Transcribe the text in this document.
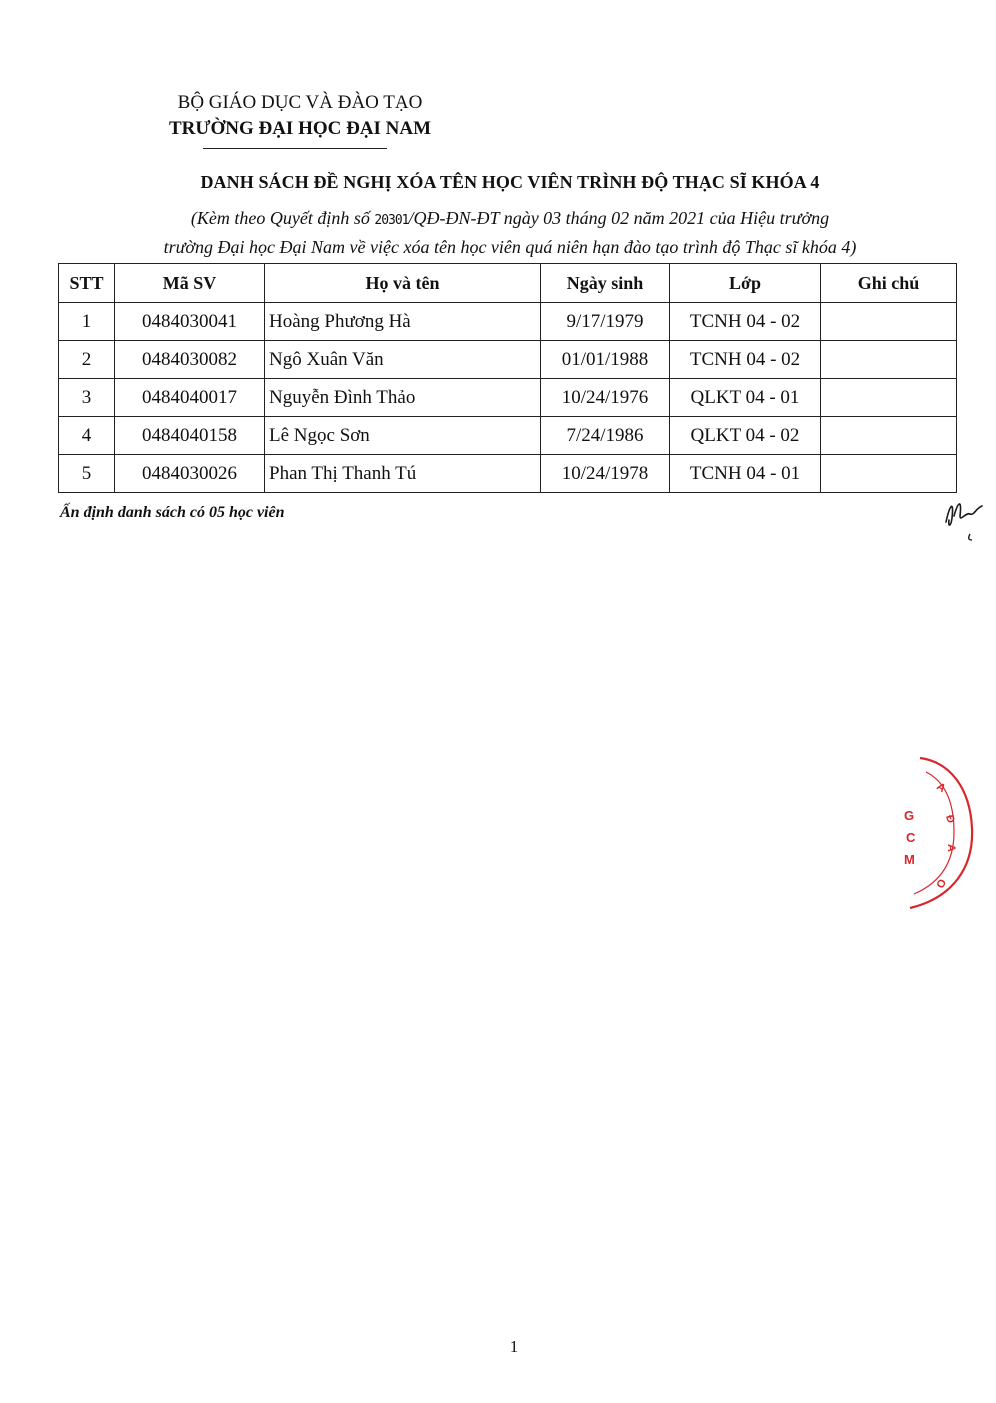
BỘ GIÁO DỤC VÀ ĐÀO TẠO
TRƯỜNG ĐẠI HỌC ĐẠI NAM
DANH SÁCH ĐỀ NGHỊ XÓA TÊN HỌC VIÊN TRÌNH ĐỘ THẠC SĨ KHÓA 4
(Kèm theo Quyết định số 20301/QĐ-ĐN-ĐT ngày 03 tháng 02 năm 2021 của Hiệu trưởng
trường Đại học Đại Nam về việc xóa tên học viên quá niên hạn đào tạo trình độ Thạc sĩ khóa 4)
STT	Mã SV	Họ và tên	Ngày sinh	Lớp	Ghi chú
1	0484030041	Hoàng Phương Hà	9/17/1979	TCNH 04 - 02	
2	0484030082	Ngô Xuân Văn	01/01/1988	TCNH 04 - 02	
3	0484040017	Nguyễn Đình Thảo	10/24/1976	QLKT 04 - 01	
4	0484040158	Lê Ngọc Sơn	7/24/1986	QLKT 04 - 02	
5	0484030026	Phan Thị Thanh Tú	10/24/1978	TCNH 04 - 01	
Ấn định danh sách có 05 học viên
G
C
M
A
Đ
A
O
1
